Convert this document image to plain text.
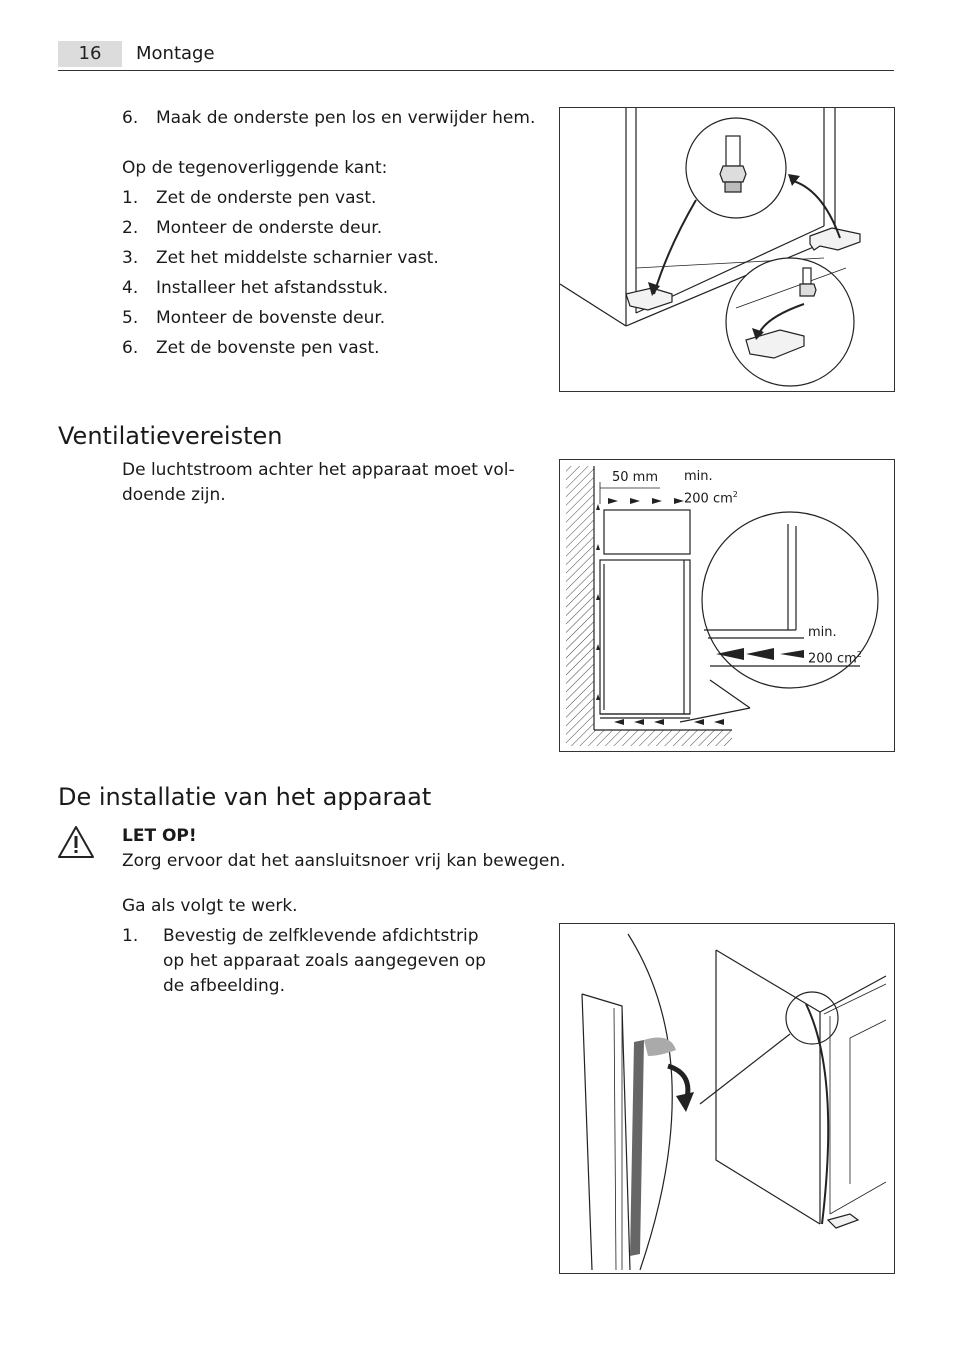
16	Montage
6. Maak de onderste pen los en verwijder hem.
Op de tegenoverliggende kant:
1. Zet de onderste pen vast.
2. Monteer de onderste deur.
3. Zet het middelste scharnier vast.
4. Installeer het afstandsstuk.
5. Monteer de bovenste deur.
6. Zet de bovenste pen vast.
Ventilatievereisten
De luchtstroom achter het apparaat moet vol- doende zijn.
50 mm min.
200 $cm^2$
min.
200 $cm^2$
De installatie van het apparaat
LET OP!
Zorg ervoor dat het aansluitsnoer vrij kan bewegen.
Ga als volgt te werk.
1. Bevestig de zelfklevende afdichtstrip op het apparaat zoals aangegeven op de afbeelding.
